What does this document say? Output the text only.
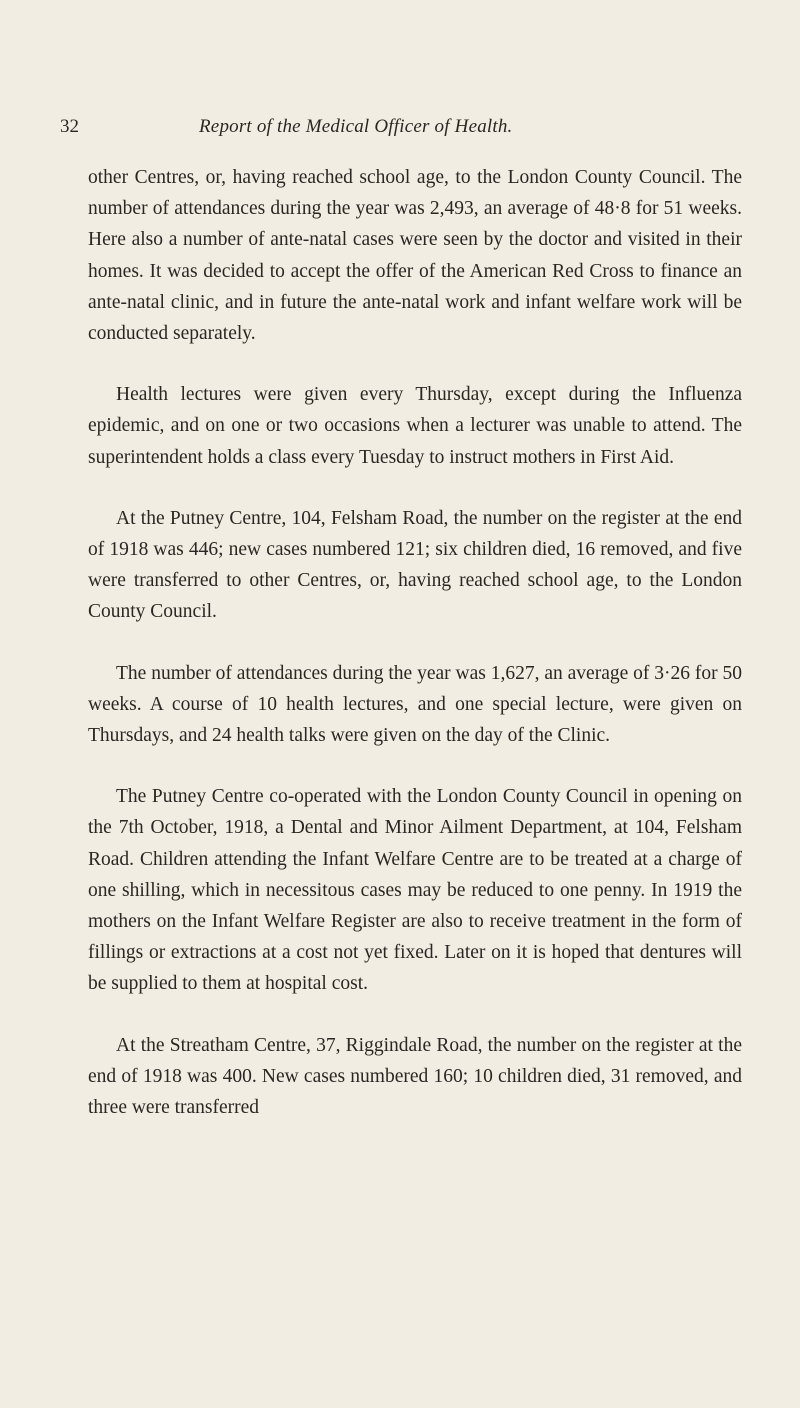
32	Report of the Medical Officer of Health.

other Centres, or, having reached school age, to the London County Council. The number of attendances during the year was 2,493, an average of 48·8 for 51 weeks. Here also a number of ante-natal cases were seen by the doctor and visited in their homes. It was decided to accept the offer of the American Red Cross to finance an ante-natal clinic, and in future the ante-natal work and infant welfare work will be conducted separately.

Health lectures were given every Thursday, except during the Influenza epidemic, and on one or two occasions when a lecturer was unable to attend. The superintendent holds a class every Tuesday to instruct mothers in First Aid.

At the Putney Centre, 104, Felsham Road, the number on the register at the end of 1918 was 446; new cases numbered 121; six children died, 16 removed, and five were transferred to other Centres, or, having reached school age, to the London County Council.

The number of attendances during the year was 1,627, an average of 3·26 for 50 weeks. A course of 10 health lectures, and one special lecture, were given on Thursdays, and 24 health talks were given on the day of the Clinic.

The Putney Centre co-operated with the London County Council in opening on the 7th October, 1918, a Dental and Minor Ailment Department, at 104, Felsham Road. Children attending the Infant Welfare Centre are to be treated at a charge of one shilling, which in necessitous cases may be reduced to one penny. In 1919 the mothers on the Infant Welfare Register are also to receive treatment in the form of fillings or extractions at a cost not yet fixed. Later on it is hoped that dentures will be supplied to them at hospital cost.

At the Streatham Centre, 37, Riggindale Road, the number on the register at the end of 1918 was 400. New cases numbered 160; 10 children died, 31 removed, and three were transferred
